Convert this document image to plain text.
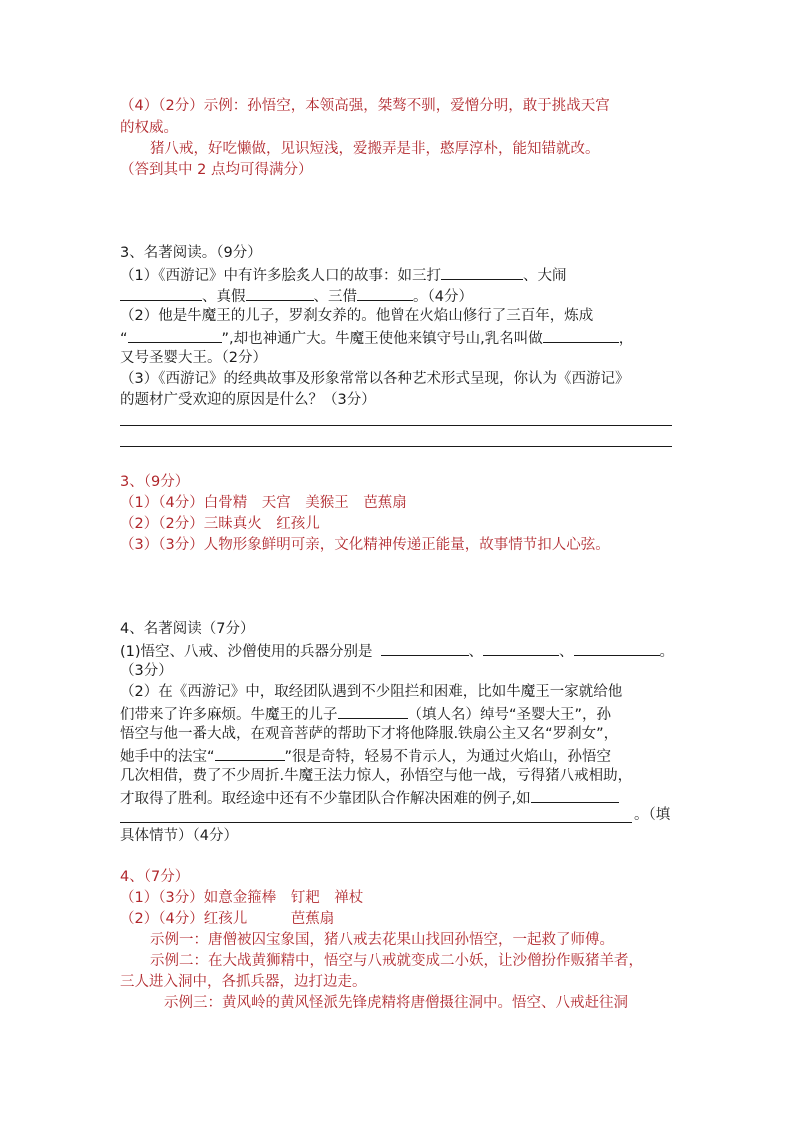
（4）（2分）示例：孙悟空，本领高强，桀骜不驯，爱憎分明，敢于挑战天宫
的权威。
猪八戒，好吃懒做，见识短浅，爱搬弄是非，憨厚淳朴，能知错就改。
（答到其中 2 点均可得满分）
3、名著阅读。（9分）
（1）《西游记》中有许多脍炙人口的故事：如三打	、大闹
、真假	、三借	。（4分）
（2）他是牛魔王的儿子，罗刹女养的。他曾在火焰山修行了三百年，炼成
“	”,却也神通广大。牛魔王使他来镇守号山,乳名叫做	，
又号圣婴大王。（2分）
（3）《西游记》的经典故事及形象常常以各种艺术形式呈现，你认为《西游记》
的题材广受欢迎的原因是什么？（3分）
3、（9分）
（1）（4分）白骨精　天宫　美猴王　芭蕉扇
（2）（2分）三昧真火　红孩儿
（3）（3分）人物形象鲜明可亲，文化精神传递正能量，故事情节扣人心弦。
4、名著阅读（7分）
(1)悟空、八戒、沙僧使用的兵器分别是	、	、	。
（3分）
（2）在《西游记》中，取经团队遇到不少阻拦和困难，比如牛魔王一家就给他
们带来了许多麻烦。牛魔王的儿子	（填人名）绰号“圣婴大王”，孙
悟空与他一番大战，在观音菩萨的帮助下才将他降服.铁扇公主又名“罗刹女”，
她手中的法宝“	”很是奇特，轻易不肯示人，为通过火焰山，孙悟空
几次相借，费了不少周折.牛魔王法力惊人，孙悟空与他一战，亏得猪八戒相助，
才取得了胜利。取经途中还有不少靠团队合作解决困难的例子,如
。（填
具体情节）（4分）
4、（7分）
（1）（3分）如意金箍棒　钉耙　禅杖
（2）（4分）红孩儿　　　芭蕉扇
示例一：唐僧被囚宝象国，猪八戒去花果山找回孙悟空，一起救了师傅。
示例二：在大战黄狮精中，悟空与八戒就变成二小妖，让沙僧扮作贩猪羊者，
三人进入洞中，各抓兵器，边打边走。
示例三：黄风岭的黄风怪派先锋虎精将唐僧摄往洞中。悟空、八戒赶往洞
